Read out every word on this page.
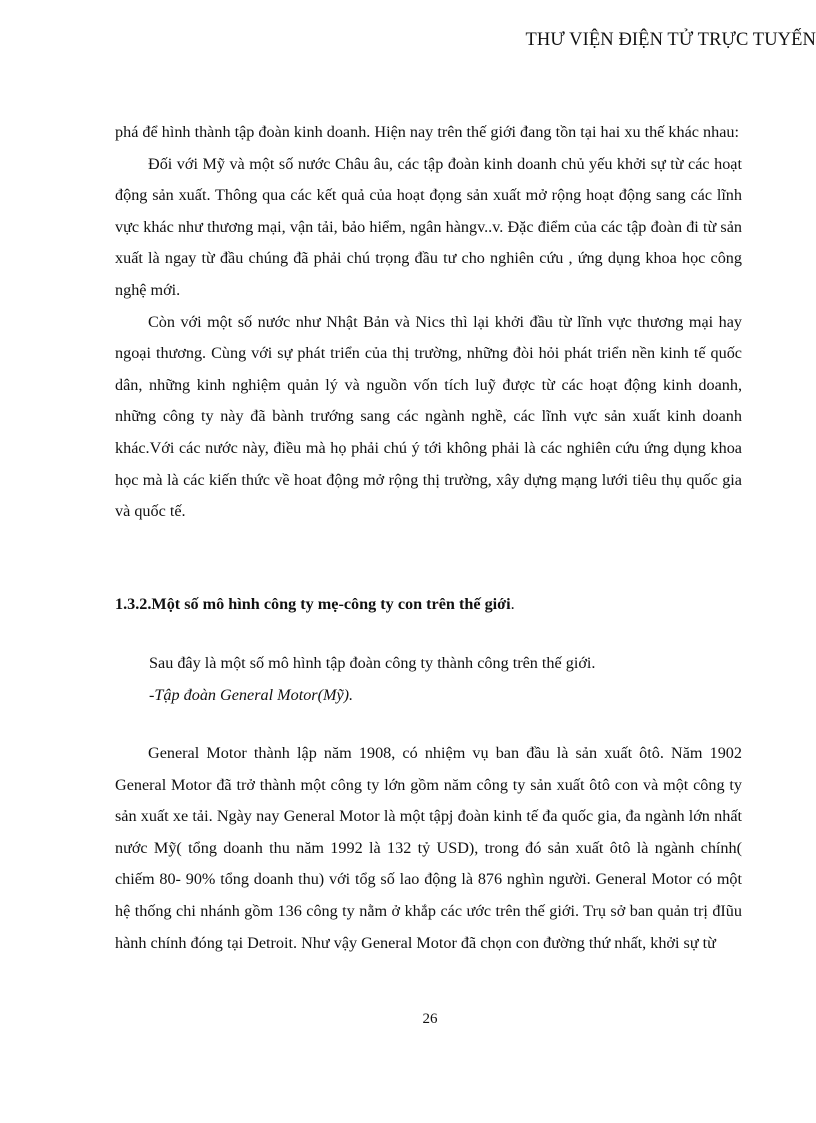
THƯ VIỆN ĐIỆN TỬ TRỰC TUYẾN

phá để hình thành tập đoàn kinh doanh. Hiện nay trên thế giới đang tồn tại hai xu thế khác nhau:

Đối với Mỹ và một số nước Châu âu, các tập đoàn kinh doanh chủ yếu khởi sự từ các hoạt động sản xuất. Thông qua các kết quả của hoạt đọng sản xuất mở rộng hoạt động sang các lĩnh vực khác như thương mại, vận tải, bảo hiểm, ngân hàngv..v. Đặc điểm của các tập đoàn đi từ sản xuất là ngay từ đầu chúng đã phải chú trọng đầu tư cho nghiên cứu , ứng dụng khoa học công nghệ mới.

Còn với một số nước như Nhật Bản và Nics thì lại khởi đầu từ lĩnh vực thương mại hay ngoại thương. Cùng với sự phát triển của thị trường, những đòi hỏi phát triển nền kinh tế quốc dân, những kinh nghiệm quản lý và nguồn vốn tích luỹ được từ các hoạt động kinh doanh, những công ty này đã bành trướng sang các ngành nghề, các lĩnh vực sản xuất kinh doanh khác.Với các nước này, điều mà họ phải chú ý tới không phải là các nghiên cứu ứng dụng khoa học mà là các kiến thức về hoat động mở rộng thị trường, xây dựng mạng lưới tiêu thụ quốc gia và quốc tế.

1.3.2.Một số mô hình công ty mẹ-công ty con trên thế giới.
Sau đây là một số mô hình tập đoàn công ty thành công trên thế giới.
-Tập đoàn General Motor(Mỹ).

General Motor thành lập năm 1908, có nhiệm vụ ban đầu là sản xuất ôtô. Năm 1902 General Motor đã trở thành một công ty lớn gồm năm công ty sản xuất ôtô con và một công ty sản xuất xe tải. Ngày nay General Motor là một tậpj đoàn kinh tế đa quốc gia, đa ngành lớn nhất nước Mỹ( tổng doanh thu năm 1992 là 132 tỷ USD), trong đó sản xuất ôtô là ngành chính( chiếm 80- 90% tổng doanh thu) với tổg số lao động là 876 nghìn người. General Motor có một hệ thống chi nhánh gồm 136 công ty nằm ở khắp các ước trên thế giới. Trụ sở ban quản trị đIũu hành chính đóng tại Detroit. Như vậy General Motor đã chọn con đường thứ nhất, khởi sự từ

26
